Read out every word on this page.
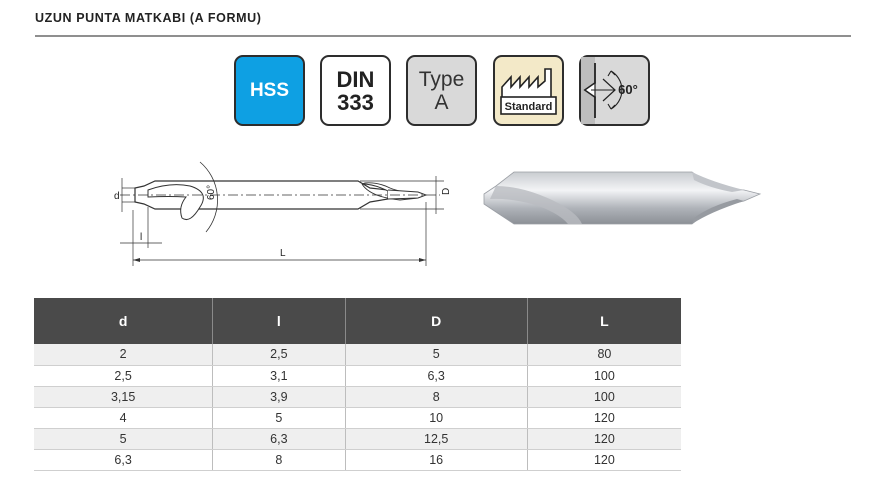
UZUN PUNTA MATKABI (A FORMU)
HSS DIN
333
Type
A	Standard
60°
d
l
60°	D
L
d	l	D	L
2	2,5	5	80
2,5	3,1	6,3	100
3,15	3,9	8	100
4	5	10	120
5	6,3	12,5	120
6,3	8	16	120
